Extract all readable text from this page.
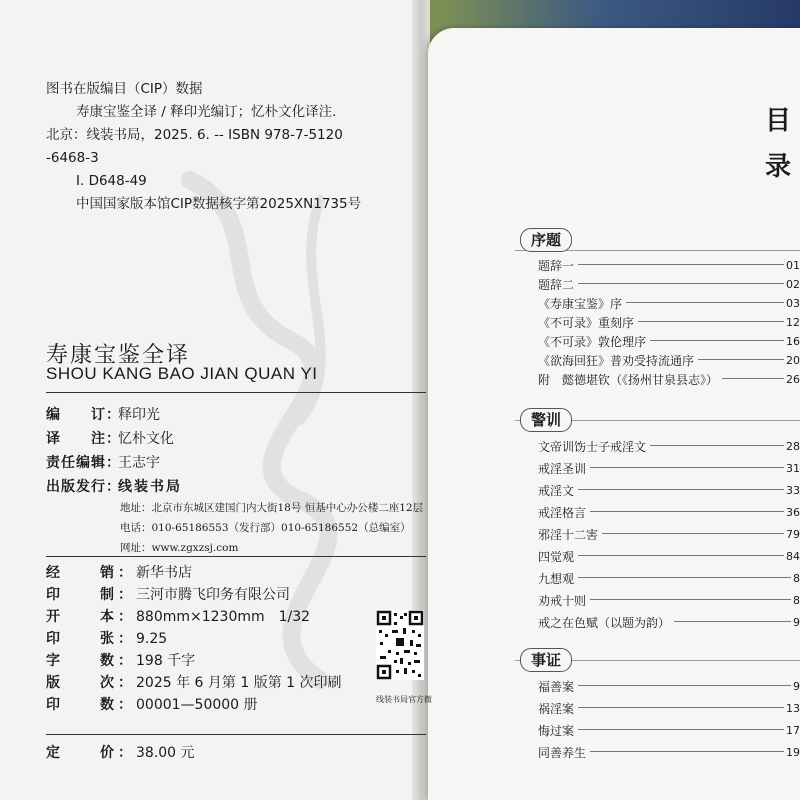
图书在版编目（CIP）数据
寿康宝鉴全译 / 释印光编订；忆朴文化译注.
北京：线装书局，2025. 6. -- ISBN 978-7-5120
-6468-3
Ⅰ. D648-49
中国国家版本馆CIP数据核字第2025XN1735号
寿康宝鉴全译
SHOU KANG BAO JIAN QUAN YI
编　　订：释印光
译　　注：忆朴文化
责任编辑：王志宇
出版发行：线装书局
地址：北京市东城区建国门内大街18号 恒基中心办公楼二座12层
电话：010-65186553（发行部）010-65186552（总编室）
网址：www.zgxzsj.com
经　　销：新华书店
印　　制：三河市腾飞印务有限公司
开　　本：880mm×1230mm　1/32
印　　张：9.25
字　　数：198 千字
版　　次：2025 年 6 月第 1 版第 1 次印刷
印　　数：00001—50000 册
定　　价：38.00 元
线装书局官方微
目
录
序题
题辞一	01
题辞二	02
《寿康宝鉴》序	03
《不可录》重刻序	12
《不可录》敦伦理序	16
《欲海回狂》普劝受持流通序	20
附　懿德堪钦（《扬州甘泉县志》）	26
警训
文帝训饬士子戒淫文	28
戒淫圣训	31
戒淫文	33
戒淫格言	36
邪淫十二害	79
四觉观	84
九想观	8
劝戒十则	8
戒之在色赋（以题为韵）	9
事证
福善案	9
祸淫案	13
悔过案	17
同善养生	19
